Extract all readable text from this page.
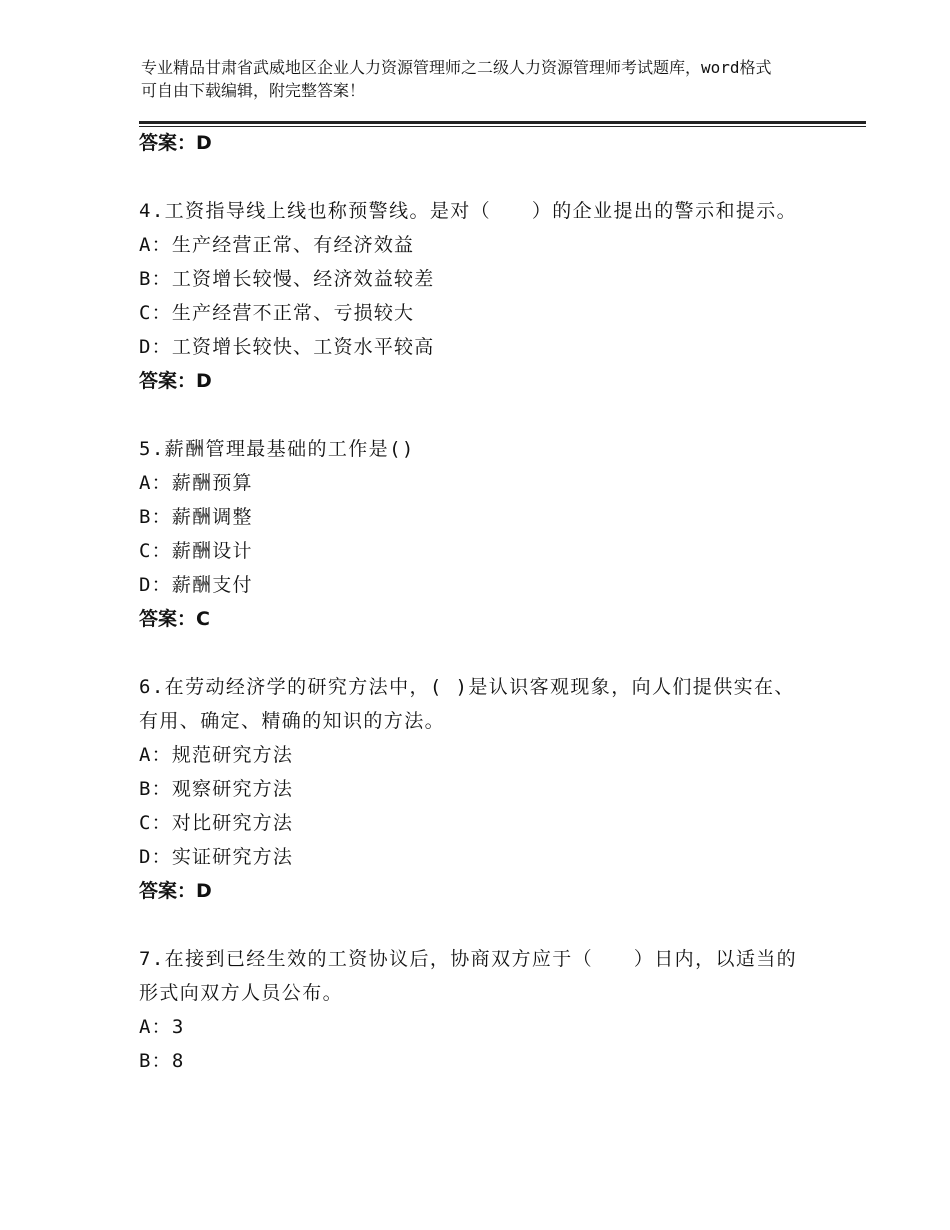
专业精品甘肃省武威地区企业人力资源管理师之二级人力资源管理师考试题库，word格式可自由下载编辑，附完整答案！
答案：D
4.工资指导线上线也称预警线。是对（　　）的企业提出的警示和提示。
A：生产经营正常、有经济效益
B：工资增长较慢、经济效益较差
C：生产经营不正常、亏损较大
D：工资增长较快、工资水平较高
答案：D
5.薪酬管理最基础的工作是()
A：薪酬预算
B：薪酬调整
C：薪酬设计
D：薪酬支付
答案：C
6.在劳动经济学的研究方法中，( )是认识客观现象，向人们提供实在、有用、确定、精确的知识的方法。
A：规范研究方法
B：观察研究方法
C：对比研究方法
D：实证研究方法
答案：D
7.在接到已经生效的工资协议后，协商双方应于（　　）日内，以适当的形式向双方人员公布。
A：3
B：8
